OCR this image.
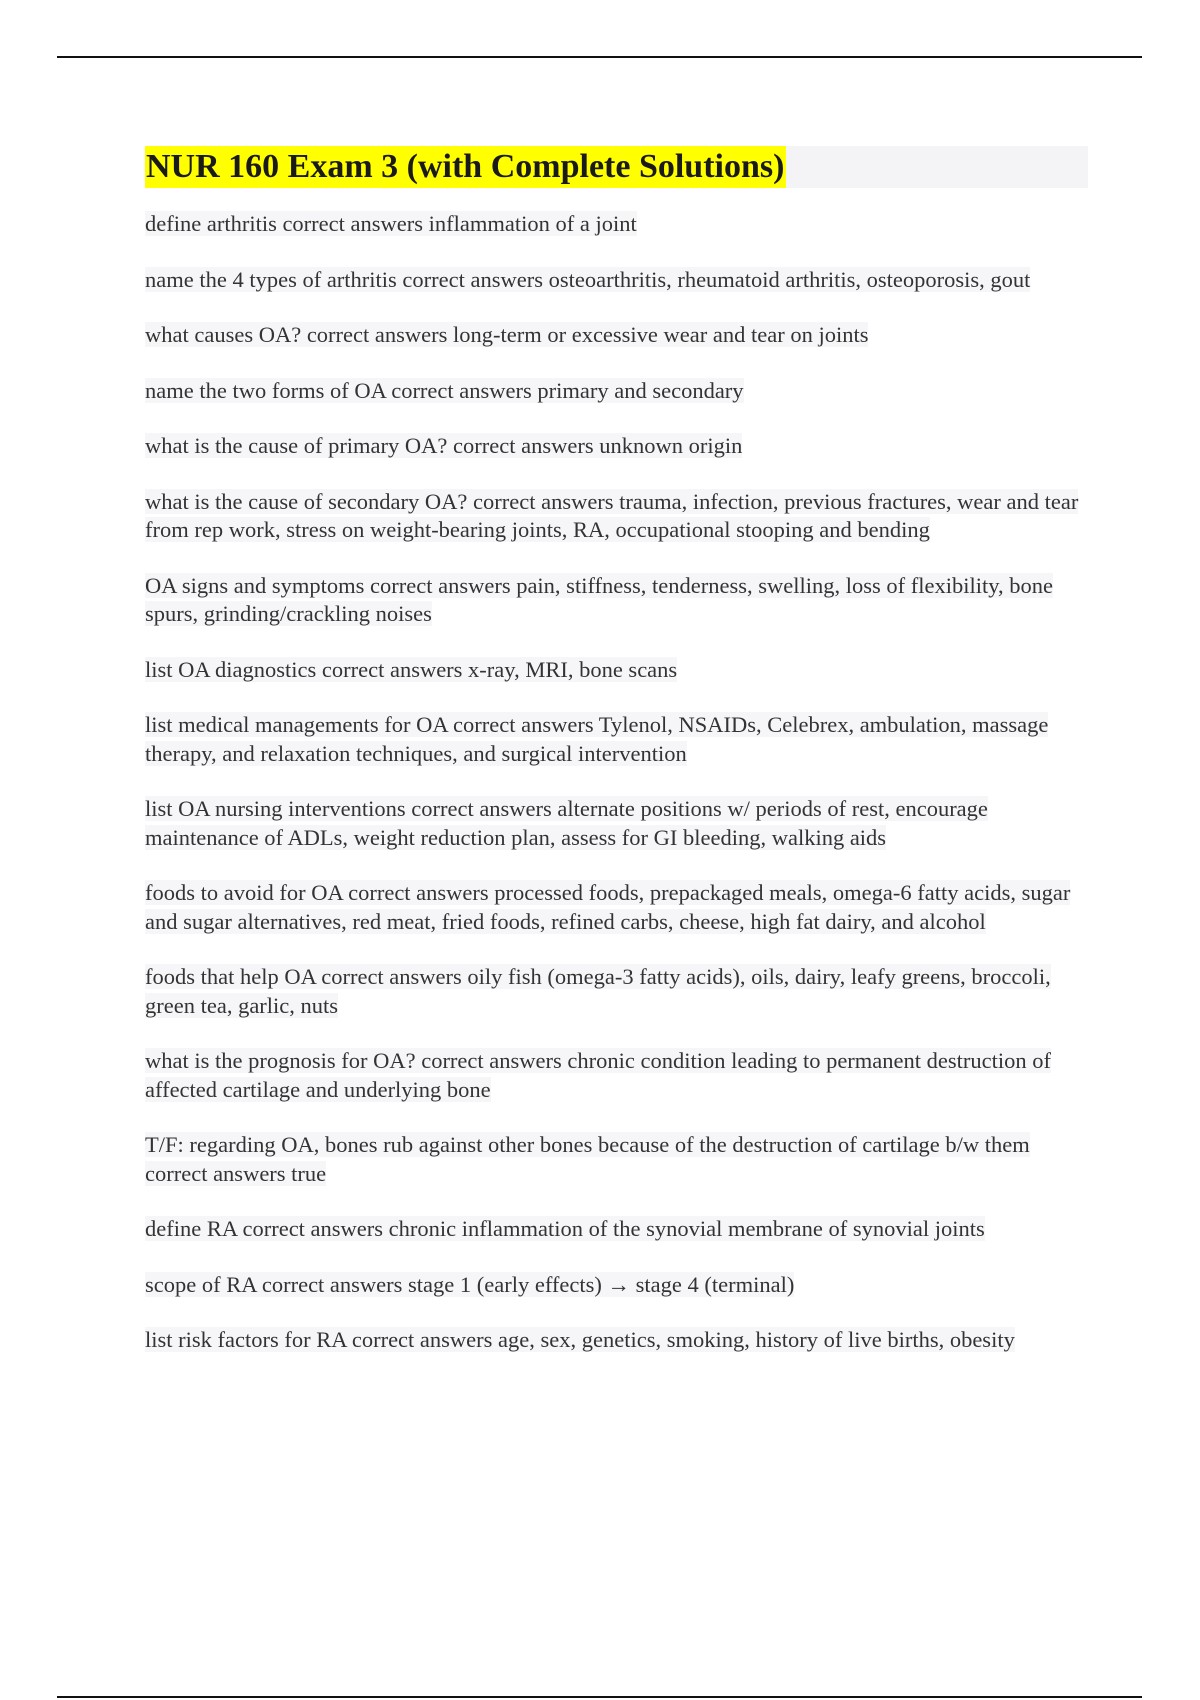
NUR 160 Exam 3 (with Complete Solutions)

define arthritis correct answers inflammation of a joint

name the 4 types of arthritis correct answers osteoarthritis, rheumatoid arthritis, osteoporosis, gout

what causes OA? correct answers long-term or excessive wear and tear on joints

name the two forms of OA correct answers primary and secondary

what is the cause of primary OA? correct answers unknown origin

what is the cause of secondary OA? correct answers trauma, infection, previous fractures, wear and tear from rep work, stress on weight-bearing joints, RA, occupational stooping and bending

OA signs and symptoms correct answers pain, stiffness, tenderness, swelling, loss of flexibility, bone spurs, grinding/crackling noises

list OA diagnostics correct answers x-ray, MRI, bone scans

list medical managements for OA correct answers Tylenol, NSAIDs, Celebrex, ambulation, massage therapy, and relaxation techniques, and surgical intervention

list OA nursing interventions correct answers alternate positions w/ periods of rest, encourage maintenance of ADLs, weight reduction plan, assess for GI bleeding, walking aids

foods to avoid for OA correct answers processed foods, prepackaged meals, omega-6 fatty acids, sugar and sugar alternatives, red meat, fried foods, refined carbs, cheese, high fat dairy, and alcohol

foods that help OA correct answers oily fish (omega-3 fatty acids), oils, dairy, leafy greens, broccoli, green tea, garlic, nuts

what is the prognosis for OA? correct answers chronic condition leading to permanent destruction of affected cartilage and underlying bone

T/F: regarding OA, bones rub against other bones because of the destruction of cartilage b/w them correct answers true

define RA correct answers chronic inflammation of the synovial membrane of synovial joints

scope of RA correct answers stage 1 (early effects) → stage 4 (terminal)

list risk factors for RA correct answers age, sex, genetics, smoking, history of live births, obesity
